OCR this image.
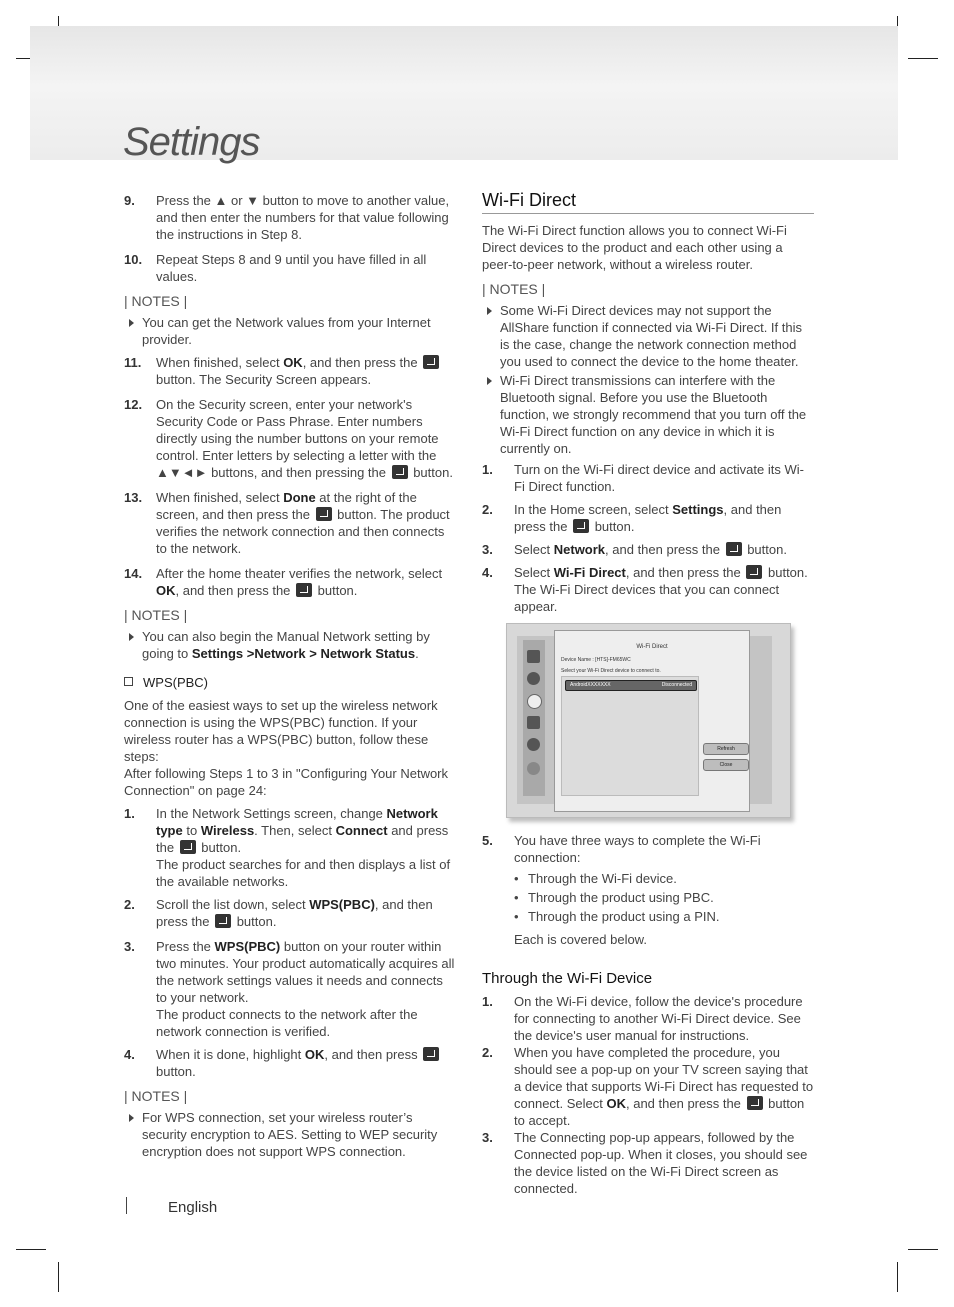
Settings
9. Press the ▲ or ▼ button to move to another value, and then enter the numbers for that value following the instructions in Step 8.
10. Repeat Steps 8 and 9 until you have filled in all values.
| NOTES |
You can get the Network values from your Internet provider.
11. When finished, select OK, and then press the  button. The Security Screen appears.
12. On the Security screen, enter your network's Security Code or Pass Phrase. Enter numbers directly using the number buttons on your remote control. Enter letters by selecting a letter with the ▲▼◄► buttons, and then pressing the  button.
13. When finished, select Done at the right of the screen, and then press the  button. The product verifies the network connection and then connects to the network.
14. After the home theater verifies the network, select OK, and then press the  button.
| NOTES |
You can also begin the Manual Network setting by going to Settings >Network > Network Status.
WPS(PBC)
One of the easiest ways to set up the wireless network connection is using the WPS(PBC) function. If your wireless router has a WPS(PBC) button, follow these steps:
After following Steps 1 to 3 in "Configuring Your Network Connection" on page 24:
1. In the Network Settings screen, change Network type to Wireless. Then, select Connect and press the  button.
The product searches for and then displays a list of the available networks.
2. Scroll the list down, select WPS(PBC), and then press the  button.
3. Press the WPS(PBC) button on your router within two minutes. Your product automatically acquires all the network settings values it needs and connects to your network.
The product connects to the network after the network connection is verified.
4. When it is done, highlight OK, and then press  button.
| NOTES |
For WPS connection, set your wireless router’s security encryption to AES. Setting to WEP security encryption does not support WPS connection.
Wi-Fi Direct
The Wi-Fi Direct function allows you to connect Wi-Fi Direct devices to the product and each other using a peer-to-peer network, without a wireless router.
| NOTES |
Some Wi-Fi Direct devices may not support the AllShare function if connected via Wi-Fi Direct. If this is the case, change the network connection method you used to connect the device to the home theater.
Wi-Fi Direct transmissions can interfere with the Bluetooth signal. Before you use the Bluetooth function, we strongly recommend that you turn off the Wi-Fi Direct function on any device in which it is currently on.
1. Turn on the Wi-Fi direct device and activate its Wi-Fi Direct function.
2. In the Home screen, select Settings, and then press the  button.
3. Select Network, and then press the  button.
4. Select Wi-Fi Direct, and then press the  button. The Wi-Fi Direct devices that you can connect appear.
Wi-Fi Direct
Device Name : [HTS]-FM65WC
Select your Wi-Fi Direct device to connect to.
AndroidXXXXXXX	Disconnected
Refresh
Close
5. You have three ways to complete the Wi-Fi connection:
• Through the Wi-Fi device.
• Through the product using PBC.
• Through the product using a PIN.
Each is covered below.
Through the Wi-Fi Device
1. On the Wi-Fi device, follow the device's procedure for connecting to another Wi-Fi Direct device. See the device's user manual for instructions.
2. When you have completed the procedure, you should see a pop-up on your TV screen saying that a device that supports Wi-Fi Direct has requested to connect. Select OK, and then press the  button to accept.
3. The Connecting pop-up appears, followed by the Connected pop-up. When it closes, you should see the device listed on the Wi-Fi Direct screen as connected.
English
